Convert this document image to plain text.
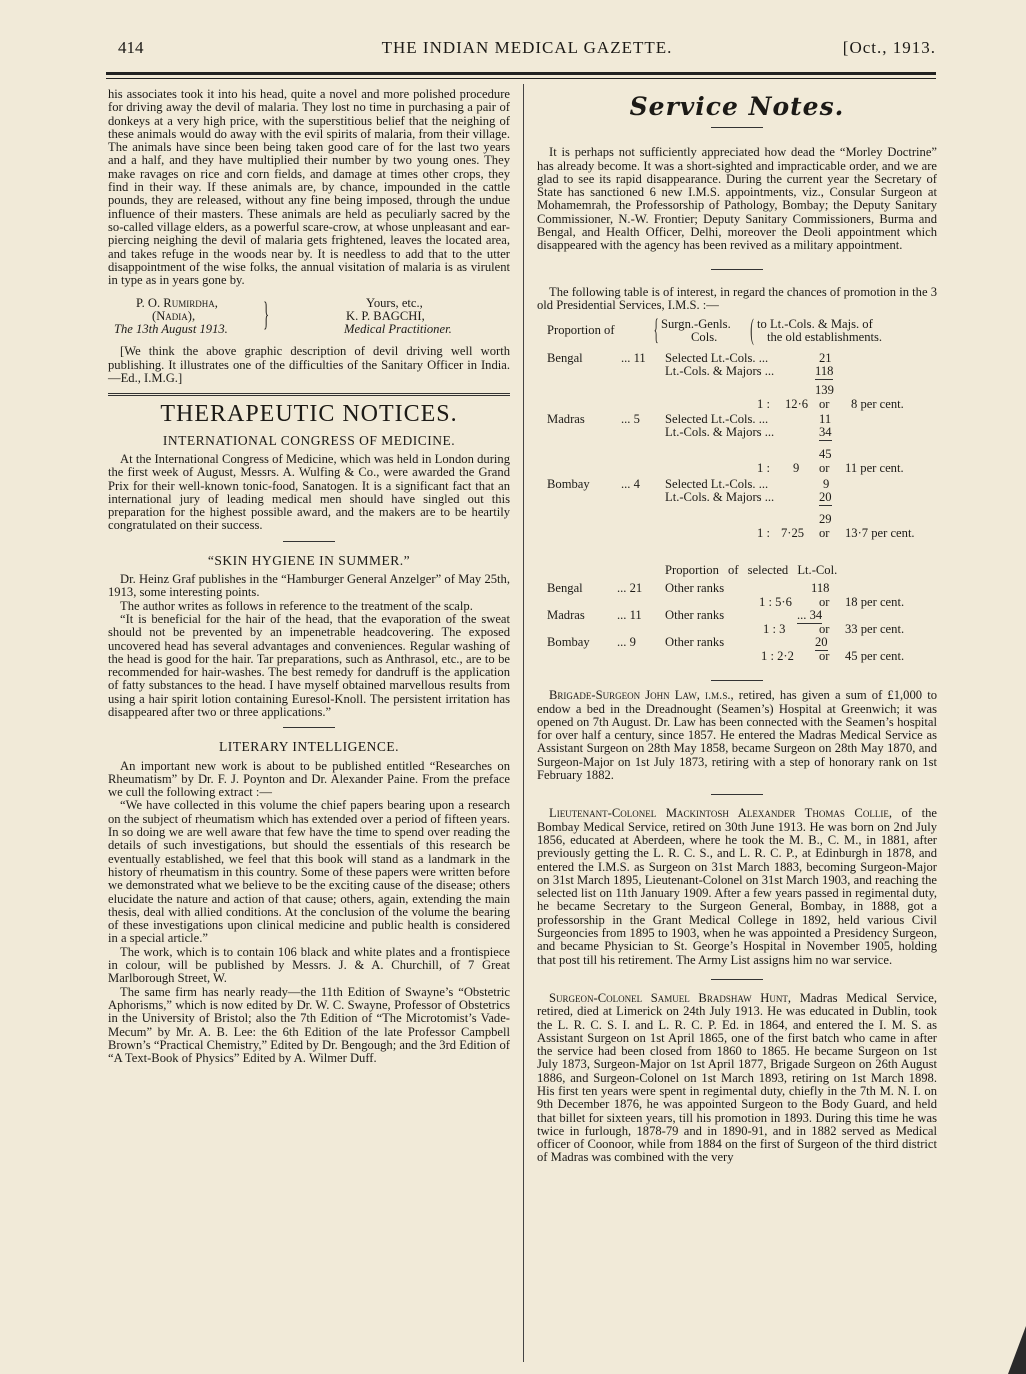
414	THE INDIAN MEDICAL GAZETTE.	[Oct., 1913.

his associates took it into his head, quite a novel and more polished procedure for driving away the devil of malaria. They lost no time in purchasing a pair of donkeys at a very high price, with the superstitious belief that the neighing of these animals would do away with the evil spirits of malaria, from their village. The animals have since been being taken good care of for the last two years and a half, and they have multiplied their number by two young ones. They make ravages on rice and corn fields, and damage at times other crops, they find in their way. If these animals are, by chance, impounded in the cattle pounds, they are released, without any fine being imposed, through the undue influence of their masters. These animals are held as peculiarly sacred by the so-called village elders, as a powerful scare-crow, at whose unpleasant and ear-piercing neighing the devil of malaria gets frightened, leaves the located area, and takes refuge in the woods near by. It is needless to add that to the utter disappointment of the wise folks, the annual visitation of malaria is as virulent in type as in years gone by.

P. O. Rumirdha,
(Nadia),
The 13th August 1913. }	Yours, etc.,
K. P. BAGCHI,
Medical Practitioner.

[We think the above graphic description of devil driving well worth publishing. It illustrates one of the difficulties of the Sanitary Officer in India.—Ed., I.M.G.]

THERAPEUTIC NOTICES.
INTERNATIONAL CONGRESS OF MEDICINE.

At the International Congress of Medicine, which was held in London during the first week of August, Messrs. A. Wulfing & Co., were awarded the Grand Prix for their well-known tonic-food, Sanatogen. It is a significant fact that an international jury of leading medical men should have singled out this preparation for the highest possible award, and the makers are to be heartily congratulated on their success.

“SKIN HYGIENE IN SUMMER.”

Dr. Heinz Graf publishes in the “Hamburger General Anzelger” of May 25th, 1913, some interesting points.

The author writes as follows in reference to the treatment of the scalp.

“It is beneficial for the hair of the head, that the evaporation of the sweat should not be prevented by an impenetrable headcovering. The exposed uncovered head has several advantages and conveniences. Regular washing of the head is good for the hair. Tar preparations, such as Anthrasol, etc., are to be recommended for hair-washes. The best remedy for dandruff is the application of fatty substances to the head. I have myself obtained marvellous results from using a hair spirit lotion containing Euresol-Knoll. The persistent irritation has disappeared after two or three applications.”

LITERARY INTELLIGENCE.

An important new work is about to be published entitled “Researches on Rheumatism” by Dr. F. J. Poynton and Dr. Alexander Paine. From the preface we cull the following extract :—

“We have collected in this volume the chief papers bearing upon a research on the subject of rheumatism which has extended over a period of fifteen years. In so doing we are well aware that few have the time to spend over reading the details of such investigations, but should the essentials of this research be eventually established, we feel that this book will stand as a landmark in the history of rheumatism in this country. Some of these papers were written before we demonstrated what we believe to be the exciting cause of the disease; others elucidate the nature and action of that cause; others, again, extending the main thesis, deal with allied conditions. At the conclusion of the volume the bearing of these investigations upon clinical medicine and public health is considered in a special article.”

The work, which is to contain 106 black and white plates and a frontispiece in colour, will be published by Messrs. J. & A. Churchill, of 7 Great Marlborough Street, W.

The same firm has nearly ready—the 11th Edition of Swayne’s “Obstetric Aphorisms,” which is now edited by Dr. W. C. Swayne, Professor of Obstetrics in the University of Bristol; also the 7th Edition of “The Microtomist’s Vade-Mecum” by Mr. A. B. Lee: the 6th Edition of the late Professor Campbell Brown’s “Practical Chemistry,” Edited by Dr. Bengough; and the 3rd Edition of “A Text-Book of Physics” Edited by A. Wilmer Duff.

Service Notes.

It is perhaps not sufficiently appreciated how dead the “Morley Doctrine” has already become. It was a short-sighted and impracticable order, and we are glad to see its rapid disappearance. During the current year the Secretary of State has sanctioned 6 new I.M.S. appointments, viz., Consular Surgeon at Mohamemrah, the Professorship of Pathology, Bombay; the Deputy Sanitary Commissioner, N.-W. Frontier; Deputy Sanitary Commissioners, Burma and Bengal, and Health Officer, Delhi, moreover the Deoli appointment which disappeared with the agency has been revived as a military appointment.

The following table is of interest, in regard the chances of promotion in the 3 old Presidential Services, I.M.S. :—

Proportion of { Surgn.-Genls.
Cols. ( to Lt.-Cols. & Majs. of
the old establishments.
Bengal	... 11 Selected Lt.-Cols. ...	21
Lt.-Cols. & Majors ...	118
139
1 : 12·6 or 8 per cent.
Madras	... 5 Selected Lt.-Cols. ...	11
Lt.-Cols. & Majors ...	34
45
1 : 9 or 11 per cent.
Bombay ... 4 Selected Lt.-Cols. ...	9
Lt.-Cols. & Majors ...	20
29
1 : 7·25 or 13·7 per cent.
Proportion of selected Lt.-Col.
Bengal	... 21 Other ranks	118
1 : 5·6 or 18 per cent.
Madras	... 11 Other ranks	... 34
1 : 3	or 33 per cent.
Bombay ... 9 Other ranks	20
1 : 2·2 or 45 per cent.

Brigade-Surgeon John Law, i.m.s., retired, has given a sum of £1,000 to endow a bed in the Dreadnought (Seamen’s) Hospital at Greenwich; it was opened on 7th August. Dr. Law has been connected with the Seamen’s hospital for over half a century, since 1857. He entered the Madras Medical Service as Assistant Surgeon on 28th May 1858, became Surgeon on 28th May 1870, and Surgeon-Major on 1st July 1873, retiring with a step of honorary rank on 1st February 1882.

Lieutenant-Colonel Mackintosh Alexander Thomas Collie, of the Bombay Medical Service, retired on 30th June 1913. He was born on 2nd July 1856, educated at Aberdeen, where he took the M. B., C. M., in 1881, after previously getting the L. R. C. S., and L. R. C. P., at Edinburgh in 1878, and entered the I.M.S. as Surgeon on 31st March 1883, becoming Surgeon-Major on 31st March 1895, Lieutenant-Colonel on 31st March 1903, and reaching the selected list on 11th January 1909. After a few years passed in regimental duty, he became Secretary to the Surgeon General, Bombay, in 1888, got a professorship in the Grant Medical College in 1892, held various Civil Surgeoncies from 1895 to 1903, when he was appointed a Presidency Surgeon, and became Physician to St. George’s Hospital in November 1905, holding that post till his retirement. The Army List assigns him no war service.

Surgeon-Colonel Samuel Bradshaw Hunt, Madras Medical Service, retired, died at Limerick on 24th July 1913. He was educated in Dublin, took the L. R. C. S. I. and L. R. C. P. Ed. in 1864, and entered the I. M. S. as Assistant Surgeon on 1st April 1865, one of the first batch who came in after the service had been closed from 1860 to 1865. He became Surgeon on 1st July 1873, Surgeon-Major on 1st April 1877, Brigade Surgeon on 26th August 1886, and Surgeon-Colonel on 1st March 1893, retiring on 1st March 1898. His first ten years were spent in regimental duty, chiefly in the 7th M. N. I. on 9th December 1876, he was appointed Surgeon to the Body Guard, and held that billet for sixteen years, till his promotion in 1893. During this time he was twice in furlough, 1878-79 and in 1890-91, and in 1882 served as Medical officer of Coonoor, while from 1884 on the first of Surgeon of the third district of Madras was combined with the very
